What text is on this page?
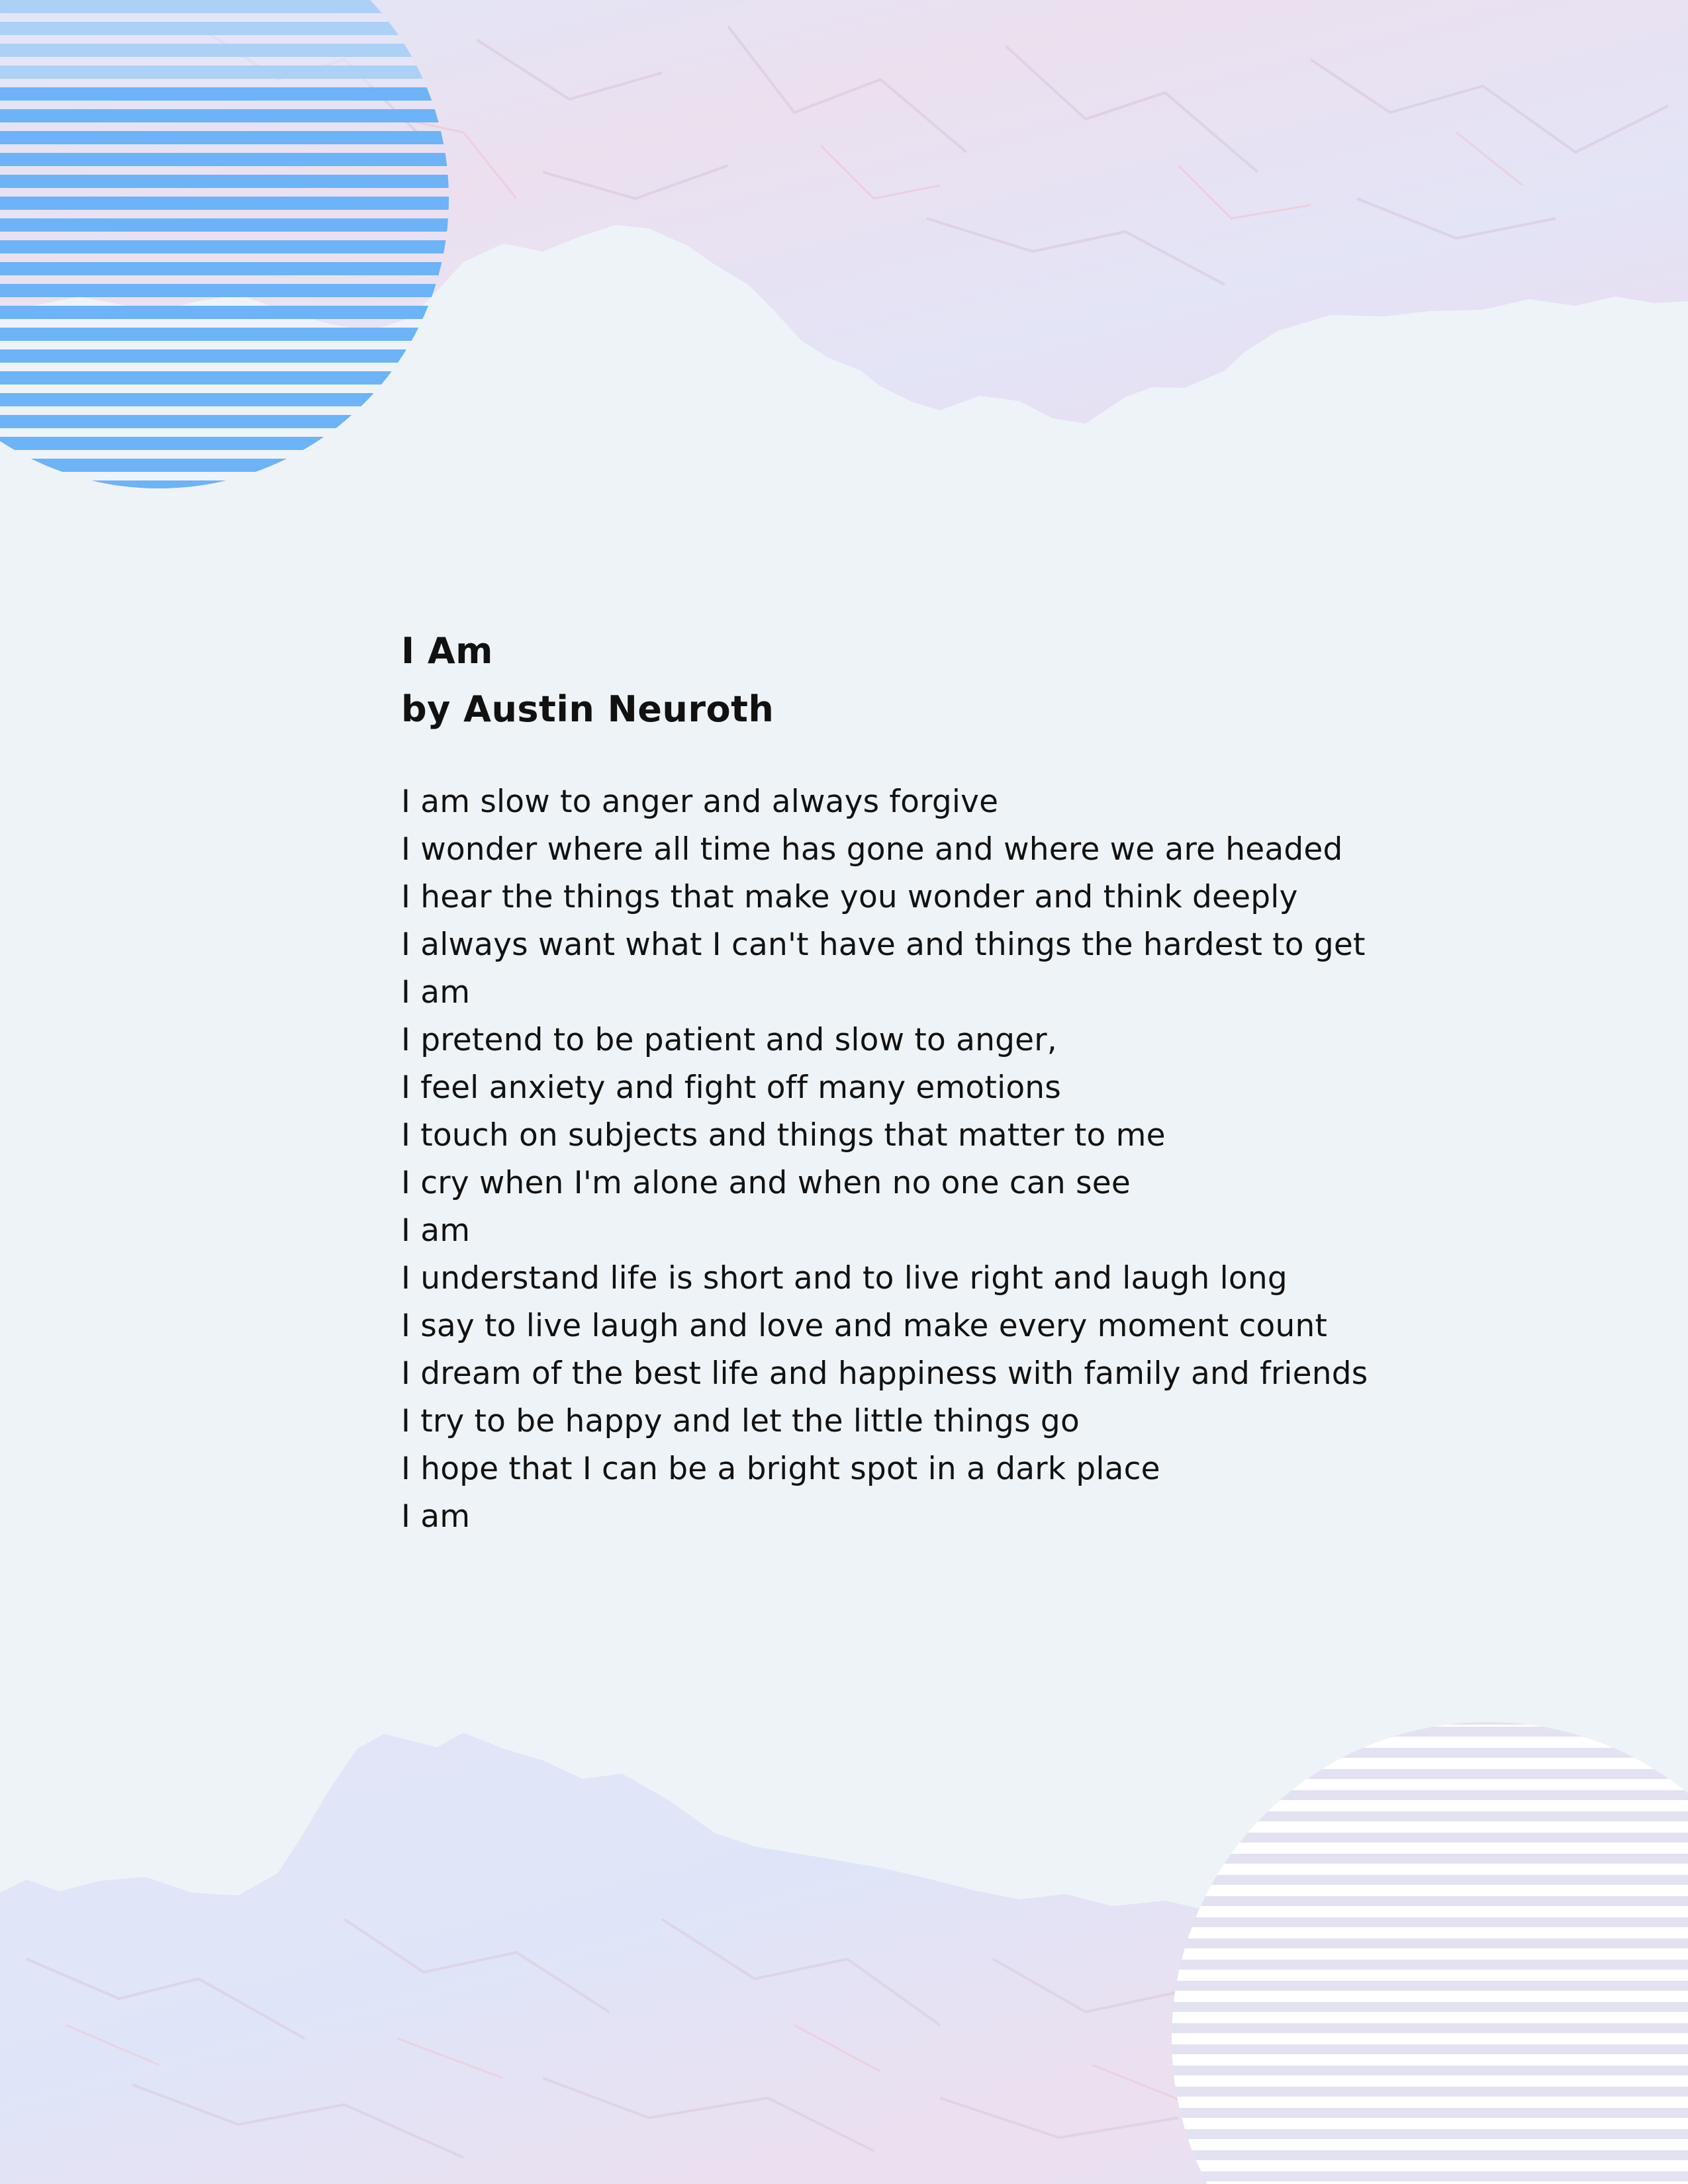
I Am
by Austin Neuroth
I am slow to anger and always forgive
I wonder where all time has gone and where we are headed
I hear the things that make you wonder and think deeply
I always want what I can't have and things the hardest to get
I am
I pretend to be patient and slow to anger,
I feel anxiety and fight off many emotions
I touch on subjects and things that matter to me
I cry when I'm alone and when no one can see
I am
I understand life is short and to live right and laugh long
I say to live laugh and love and make every moment count
I dream of the best life and happiness with family and friends
I try to be happy and let the little things go
I hope that I can be a bright spot in a dark place
I am
